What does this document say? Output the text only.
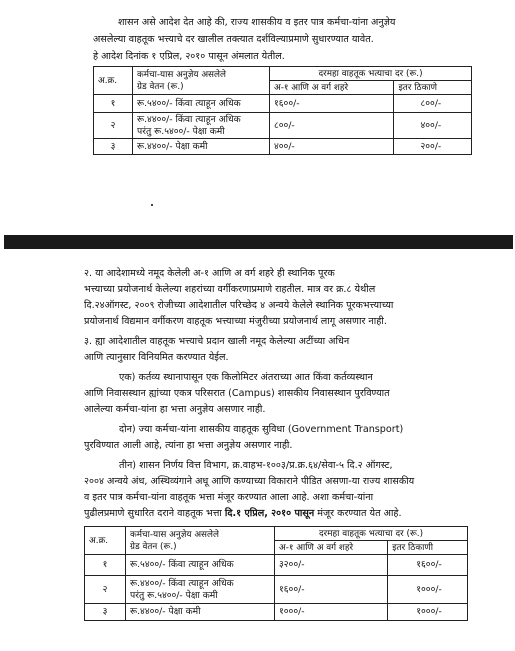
शासन असे आदेश देत आहे की, राज्य शासकीय व इतर पात्र कर्मचा-यांना अनुज्ञेय
असलेल्या वाहतूक भत्त्याचे दर खालील तक्त्यात दर्शविल्याप्रमाणे सुधारण्यात यावेत.
हे आदेश दिनांक १ एप्रिल, २०१० पासून अंमलात येतील.
अ.क्र.	कर्मचा-यास अनुज्ञेय असलेले
ग्रेड वेतन (रू.)	दरमहा वाहतूक भत्याचा दर (रू.)	
		अ-१ आणि अ वर्ग शहरे	इतर ठिकाणे
१	रू.५४००/- किंवा त्याहून अधिक	१६००/-	८००/-
२	रू.४४००/- किंवा त्याहून अधिक
परंतु रू.५४००/- पेक्षा कमी	८००/-	४००/-
३	रू.४४००/- पेक्षा कमी	४००/-	२००/-
२. या आदेशामध्ये नमूद केलेली अ-१ आणि अ वर्ग शहरे ही स्थानिक पूरक
भत्त्याच्या प्रयोजनार्थ केलेल्या शहरांच्या वर्गीकरणाप्रमाणे राहतील. मात्र वर क्र.८ येथील
दि.२४ऑगस्ट, २००९ रोजीच्या आदेशातील परिच्छेद ४ अन्वये केलेले स्थानिक पूरकभत्त्याच्या
प्रयोजनार्थ विद्यमान वर्गीकरण वाहतूक भत्त्याच्या मंजुरीच्या प्रयोजनार्थ लागू असणार नाही.
३. ह्या आदेशातील वाहतूक भत्त्याचे प्रदान खाली नमूद केलेल्या अटींच्या अधिन
आणि त्यानुसार विनियमित करण्यात येईल.
एक) कर्तव्य स्थानापासून एक किलोमिटर अंतराच्या आत किंवा कर्तव्यस्थान
आणि निवासस्थान ह्यांच्या एकत्र परिसरात (Campus) शासकीय निवासस्थान पुरविण्यात
आलेल्या कर्मचा-यांना हा भत्ता अनुज्ञेय असणार नाही.
दोन) ज्या कर्मचा-यांना शासकीय वाहतूक सुविधा (Government Transport)
पुरविण्यात आली आहे, त्यांना हा भत्ता अनुज्ञेय असणार नाही.
तीन) शासन निर्णय वित्त विभाग, क्र.वाहभ-१००३/प्र.क्र.६४/सेवा-५ दि.२ ऑगस्ट,
२००४ अन्वये अंध, अस्थिव्यंगाने अधू आणि कण्याच्या विकाराने पीडित असणा-या राज्य शासकीय
व इतर पात्र कर्मचा-यांना वाहतूक भत्ता मंजूर करण्यात आला आहे. अशा कर्मचा-यांना
पुढीलप्रमाणे सुधारित दराने वाहतूक भत्ता दि.१ एप्रिल, २०१० पासून मंजूर करण्यात येत आहे.
अ.क्र.	कर्मचा-यास अनुज्ञेय असलेले
ग्रेड वेतन (रू.)	दरमहा वाहतूक भत्याचा दर (रू.)	
		अ-१ आणि अ वर्ग शहरे	इतर ठिकाणी
१	रू.५४००/- किंवा त्याहून अधिक	३२००/-	१६००/-
२	रू.४४००/- किंवा त्याहून अधिक
परंतु रू.५४००/- पेक्षा कमी	१६००/-	१०००/-
३	रू.४४००/- पेक्षा कमी	१०००/-	१०००/-
